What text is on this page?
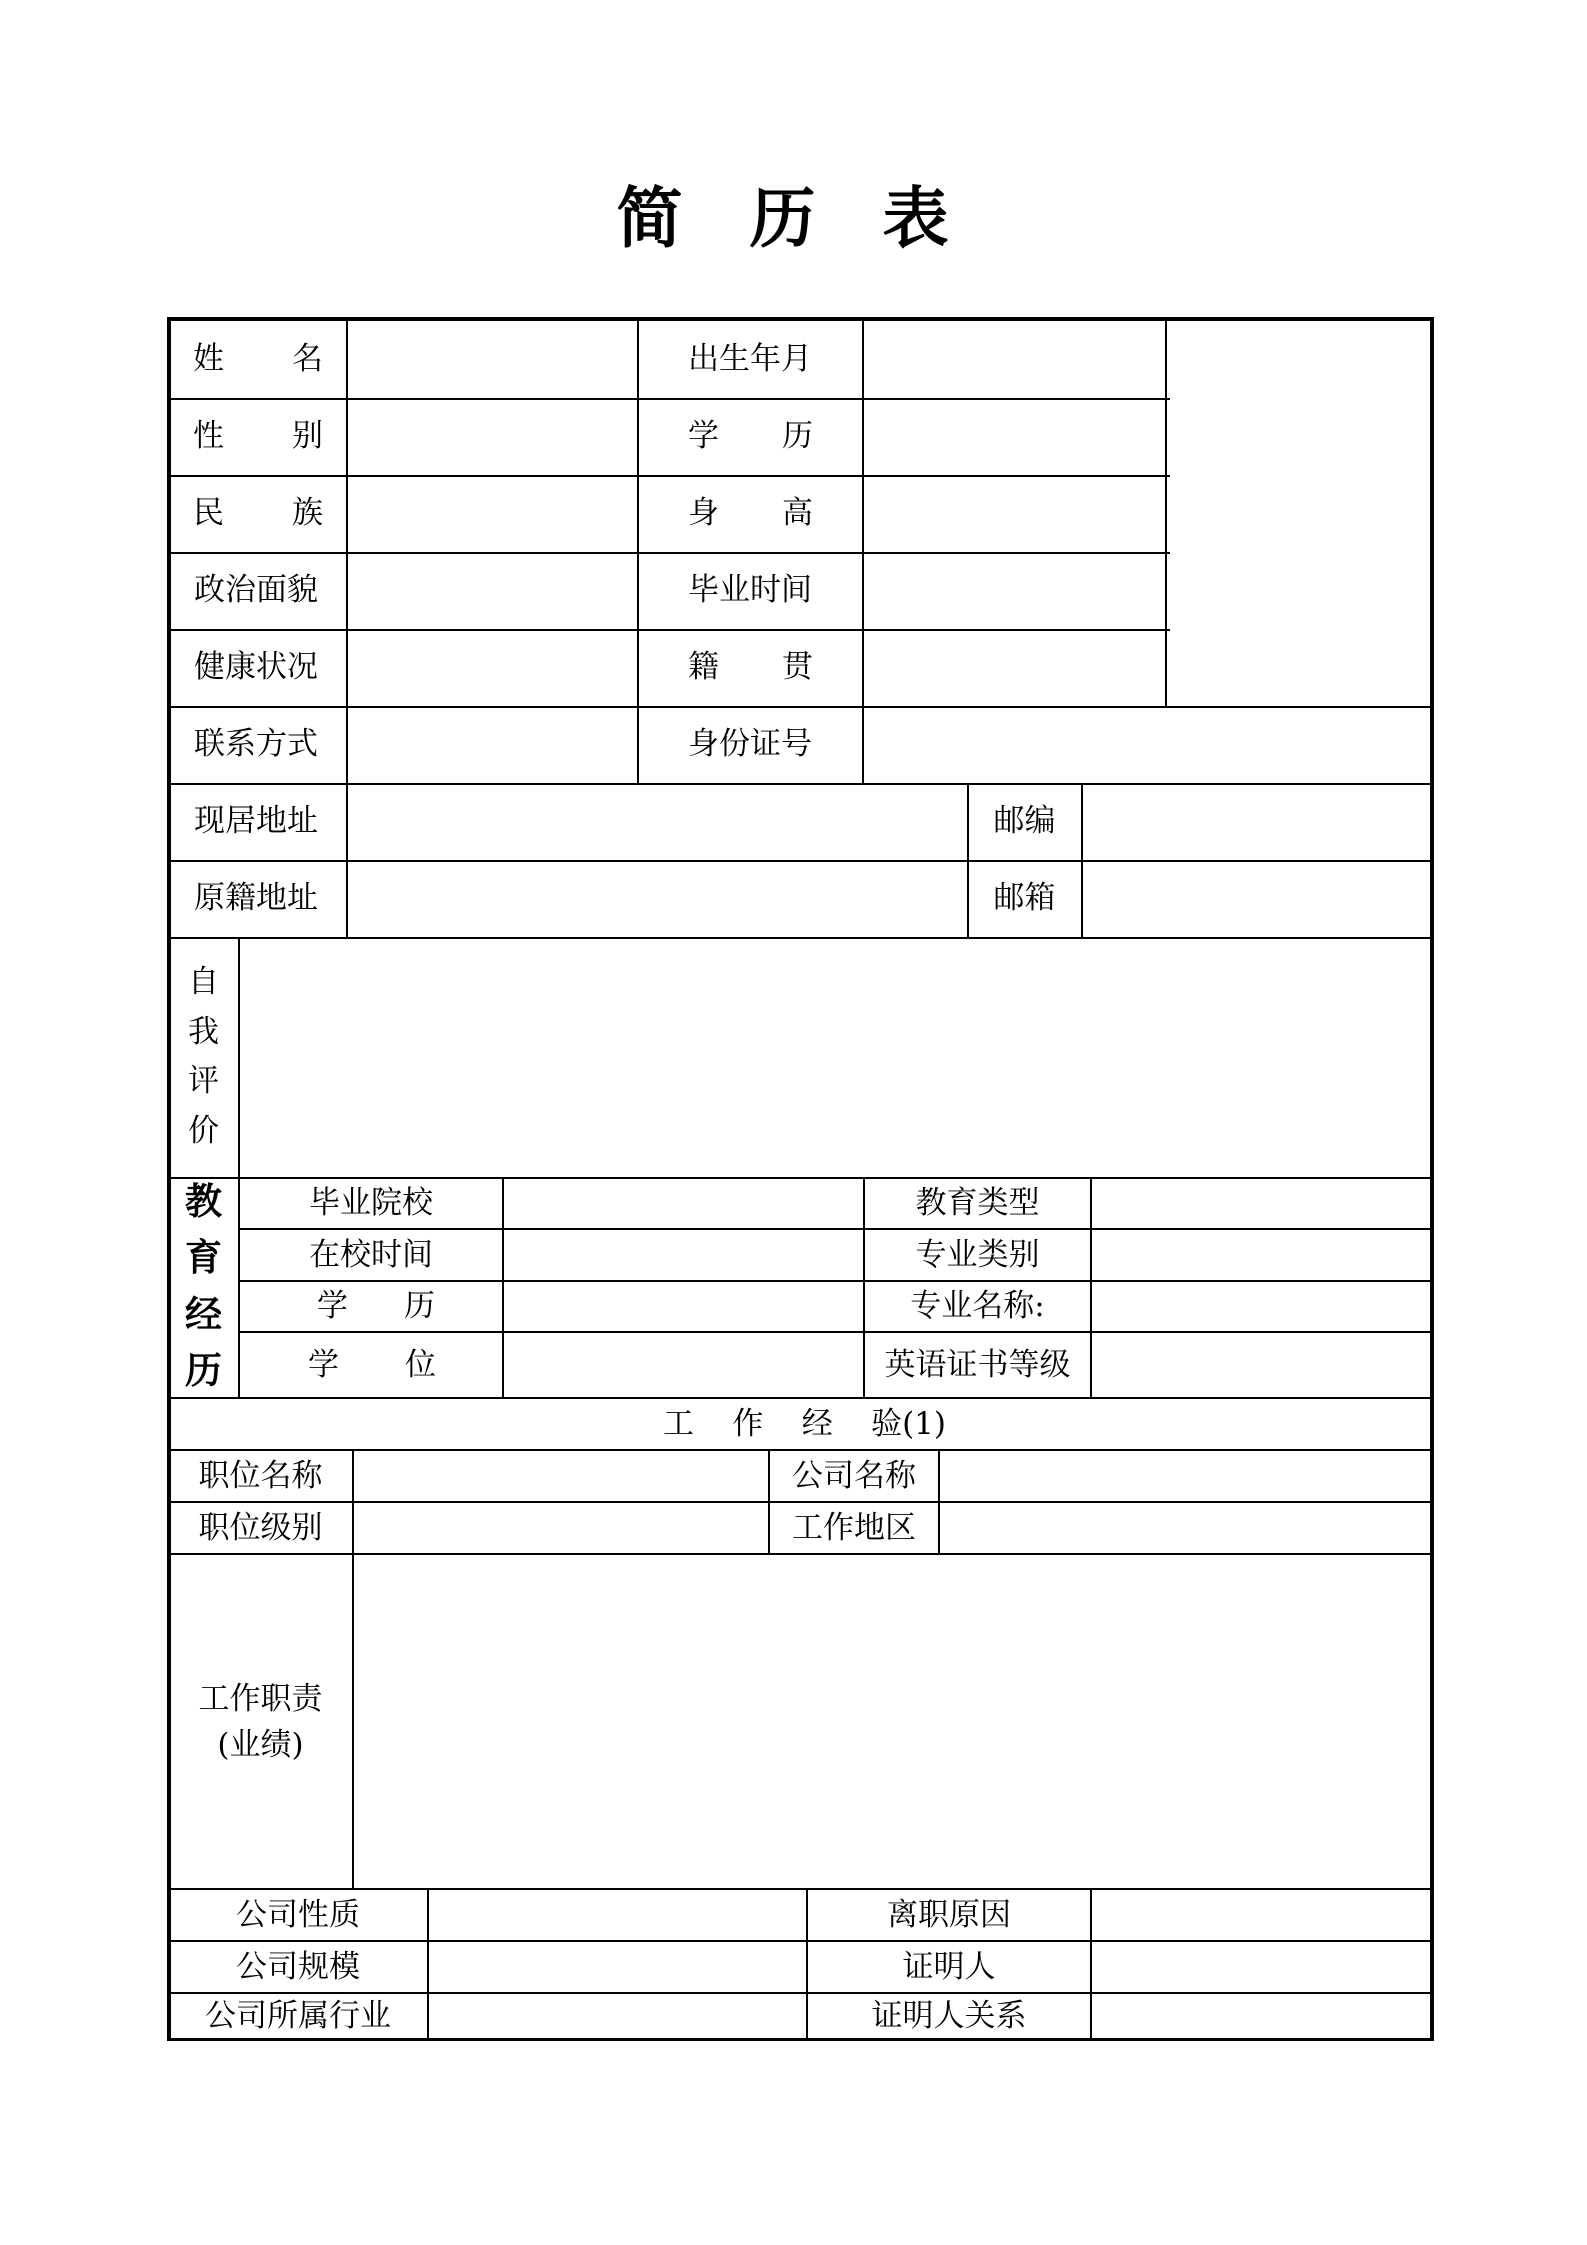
简 历 表
姓 名
性 别
民 族
政治面貌
健康状况
联系方式
现居地址
原籍地址
出生年月
学 历
身 高
毕业时间
籍 贯
身份证号
邮编
邮箱
自
我
评
价
教
育
经
历
毕业院校
在校时间
学 历
学 位
教育类型
专业类别
专业名称:
英语证书等级
工 作 经 验(1)
职位名称
职位级别
公司名称
工作地区
工作职责
(业绩)
公司性质
公司规模
公司所属行业
离职原因
证明人
证明人关系
